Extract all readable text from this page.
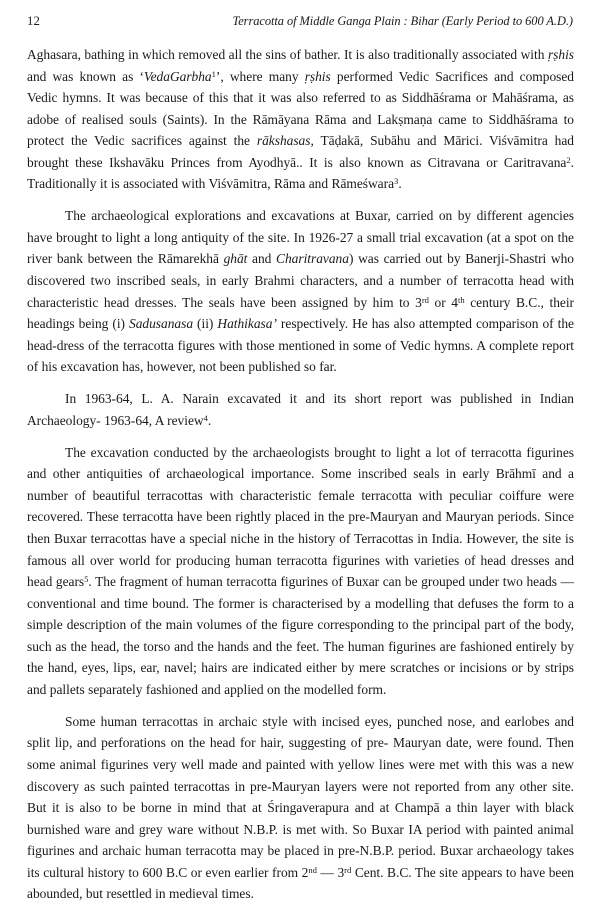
12	Terracotta of Middle Ganga Plain : Bihar (Early Period to 600 A.D.)

Aghasara, bathing in which removed all the sins of bather. It is also traditionally associated with ṛṣhis and was known as ‘VedaGarbha$^1$’, where many ṛṣhis performed Vedic Sacrifices and composed Vedic hymns. It was because of this that it was also referred to as Siddhāśrama or Mahāśrama, as adobe of realised souls (Saints). In the Rāmāyana Rāma and Lakṣmaṇa came to Siddhāśrama to protect the Vedic sacrifices against the rākshasas, Tāḍakā, Subāhu and Mārici. Viśvāmitra had brought these Ikshavāku Princes from Ayodhyā.. It is also known as Citravana or Caritravana$^2$. Traditionally it is associated with Viśvāmitra, Rāma and Rāmeśwara$^3$.

The archaeological explorations and excavations at Buxar, carried on by different agencies have brought to light a long antiquity of the site. In 1926-27 a small trial excavation (at a spot on the river bank between the Rāmarekhā ghāt and Charitravana) was carried out by Banerji-Shastri who discovered two inscribed seals, in early Brahmi characters, and a number of terracotta head with characteristic head dresses. The seals have been assigned by him to 3rd or 4th century B.C., their headings being (i) Sadusanasa (ii) Hathikasa’ respectively. He has also attempted comparison of the head-dress of the terracotta figures with those mentioned in some of Vedic hymns. A complete report of his excavation has, however, not been published so far.

In 1963-64, L. A. Narain excavated it and its short report was published in Indian Archaeology- 1963-64, A review$^4$.

The excavation conducted by the archaeologists brought to light a lot of terracotta figurines and other antiquities of archaeological importance. Some inscribed seals in early Brāhmī and a number of beautiful terracottas with characteristic female terracotta with peculiar coiffure were recovered. These terracotta have been rightly placed in the pre-Mauryan and Mauryan periods. Since then Buxar terracottas have a special niche in the history of Terracottas in India. However, the site is famous all over world for producing human terracotta figurines with varieties of head dresses and head gears$^5$. The fragment of human terracotta figurines of Buxar can be grouped under two heads — conventional and time bound. The former is characterised by a modelling that defuses the form to a simple description of the main volumes of the figure corresponding to the principal part of the body, such as the head, the torso and the hands and the feet. The human figurines are fashioned entirely by the hand, eyes, lips, ear, navel; hairs are indicated either by mere scratches or incisions or by strips and pallets separately fashioned and applied on the modelled form.

Some human terracottas in archaic style with incised eyes, punched nose, and earlobes and split lip, and perforations on the head for hair, suggesting of pre- Mauryan date, were found. Then some animal figurines very well made and painted with yellow lines were met with this was a new discovery as such painted terracottas in pre-Mauryan layers were not reported from any other site. But it is also to be borne in mind that at Śringaverapura and at Champā a thin layer with black burnished ware and grey ware without N.B.P. is met with. So Buxar IA period with painted animal figurines and archaic human terracotta may be placed in pre-N.B.P. period. Buxar archaeology takes its cultural history to 600 B.C or even earlier from 2nd — 3rd Cent. B.C. The site appears to have been abounded, but resettled in medieval times.
